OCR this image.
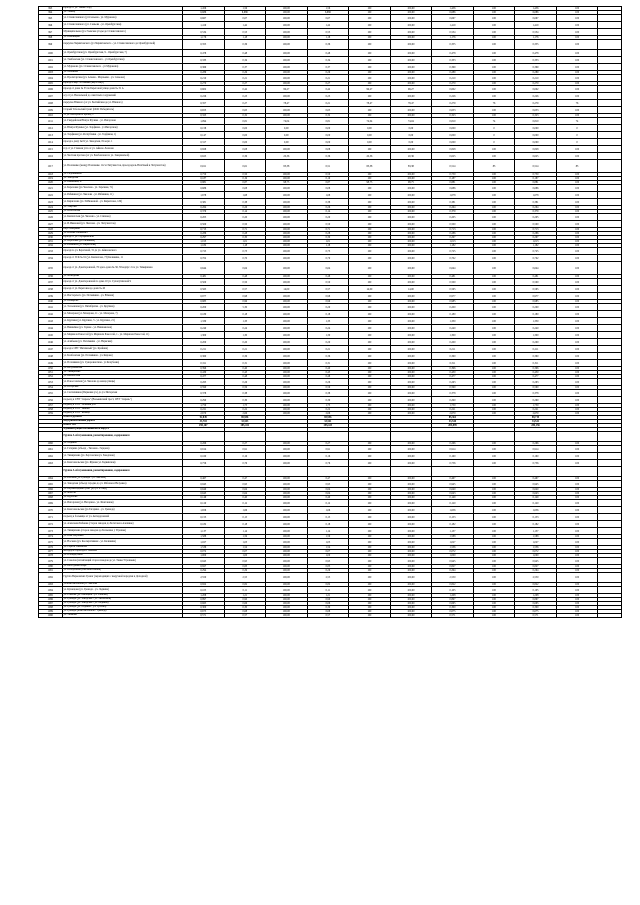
993	проезд от ул. Тинки Уорд	1,456	1,56	100,00	1,56	100	100,00	1,456	100	1,456	100	
994	ул. Таннер	6,686	6,686	100,00	6,686	100	100,00	6,686	100	6,686	100	
995	ул. Станиславского (ул.Сеньова - ул. Муранова)	0,667	0,67	100,00	0,67	100	100,00	0,667	100	0,667	100	
996	ул. Станиславского (ул. Сеньова - ул. Оренбургская)	1,419	1,42	100,00	1,42	100	100,00	1,419	100	1,419	100	
997	Муниципальная (ул. Гаевская угоды до Станиславского)	0,534	0,53	100,00	0,53	100	100,00	0,534	100	0,534	100	
998	ул. Павлищева	1,176	1,18	100,00	1,18	100	100,00	1,176	100	1,176	100	
999	переулок Черниговского (ул Черниговского - ул. Станиславского до Оренбургской)	0,355	0,36	100,00	0,36	100	100,00	0,355	100	0,355	100	
1000	ул. Оренбургская (ул. Оренбургская, 9 - Оренбургская, 7)	0,478	0,48	100,00	0,48	100	100,00	0,478	100	0,478	100	
1001	ул. Тамбовская (ул. Станиславского - ул Оренбургская)	0,333	0,34	100,00	0,34	100	100,00	0,333	100	0,333	100	
1002	ул. Муранова (ул. Станиславского - ул Муранова)	0,369	0,37	100,00	0,37	100	100,00	0,369	100	0,369	100	
1003	ул. Литейная	0,289	0,29	100,00	0,29	100	100,00	0,289	100	0,289	100	
1004	ул. Пролетарская (ул. Алеева - Марзыева - ул. Сеньова)	0,210	0,21	100,00	0,21	100	100,00	0,210	100	0,210	100	
1005	проезд к мкр. Угольный (мкр к мкр.)	0,270	0,27	100,00	0,27	100	100,00	0,270	100	0,270	100	
1006	проезд от дома № 33 по Береговой улице дома № 31 А	0,602	0,42	99,27	0,42	99,27	99,27	0,602	100	0,602	100	
1007	а/д от ул. Вокзальной до очистных сооружений	0,226	0,23	100,00	0,23	100	100,00	0,226	100	0,226	100	
1008	переулок Южного (от ул. Балтийская до ул. Южного)	0,357	0,27	78,47	0,21	78,47	78,47	0,279	76	0,279	76	
1009	Старый Тобольский тракт (ООО Победитель)	0,653	0,65	100,00	0,65	100	100,00	0,653	100	0,653	100	
1010	11 ул. Ингорского проезд 3	0,323	0,32	100,00	0,32	100	100,00	0,323	100	0,323	100	
1011	ул. Гвардейская Юнгра Фучика - ул. Ингорская	1,094	0,81	74,04	0,81	74,04	74,04	0,810	74	0,810	74	
1012	ул. Юнгра Фучика (ул. Торфяная - ул Ингорская)	0,158	0,00	0,00	0,00	0,00	0,00	0,000	0	0,000	0	
1013	ул. Торфяная (ул. Республики - ул. Торфяная, 1)	0,147	0,00	0,00	0,00	0,00	0,00	0,000	0	0,000	0	
1014	проезд к дому №19 ул. Заводская, 81 корп. 1	0,317	0,00	0,00	0,00	0,00	0,00	0,000	0	0,000	0	
1015	п/д от ул. Главная угла от ул. Айвазо Леонова	0,828	0,08	100,00	0,08	100	100,00	0,828	100	0,828	100	
1016	ул. Частная протока (от ул. Бонбонская по ул. Закаринской)	0,625	0,36	20,36	0,36	20,36	20,36	0,625	100	0,625	100	
1017	ул. Палаченко (между Палаченко 112 и Энтузиастов, проезд вдоль Взлётный и Энтузиастов)	0,611	0,61	83,38	0,51	83,38	83,38	0,514	83	0,514	83	
1018	ул. Садовникова	0,750	0,50	100,00	0,50	100	100,00	0,750	100	0,750	100	
1019	ул. Заводская	0,187	0,19	100,00	0,19	100	100,00	0,187	100	0,187	100	
1020	ул. Вишневая, 67	0,881	0,87	98,75	0,87	98,75	98,75	0,881	100	0,881	100	
1021	ул. Березовая (ул. Чкалова - ул. Заречная, 71)	0,686	0,08	100,00	0,08	100	100,00	0,686	100	0,686	100	
1022	ул. Рябинина (ул. Чкалова - ул. Рябинина, 11)	1,678	1,68	100,00	1,68	100	100,00	1,678	100	1,678	100	
1023	ул. Кириллова (ул. И.Ивановой - ул. Кириллова, 129)	0,381	0,38	100,00	0,38	100	100,00	0,381	100	0,381	100	
1024	ул. Энергии	0,264	0,26	100,00	0,26	100	100,00	0,264	100	0,264	100	
1025	ул. Бонбонская	0,379	0,14	100,00	0,14	100	100,00	0,379	100	0,379	100	
1026	ул. Камчатская (ул. Чкалова - ул. Спичака)	0,205	0,20	100,00	0,20	100	100,00	0,205	100	0,205	100	
1027	ул. И.Ивановой (ул. Чкалова - ул. Энтузиастов)	0,500	0,50	100,00	0,50	100	100,00	0,500	100	0,500	100	
1028	пер. Северный	0,713	0,71	100,00	0,71	100	100,00	0,713	100	0,713	100	
1029	ул. Ксения Тышкевич	0,286	0,28	100,00	0,28	100	100,00	0,286	100	0,286	100	
1030	проезд от ул. Серафимовой	0,297	0,30	100,00	0,30	100	100,00	0,297	100	0,297	100	
1031	ул. Березовая (ул. Рябинина)	1,013	1,01	100,00	1,01	100	100,00	1,013	100	1,013	100	
1032	ул. Рябинина (ул. Кириллова)	1,182	1,18	100,00	1,18	100	100,00	1,182	100	1,182	100	
1033	проезд по ул. Береговой, 31 до ул. Айвазовского	0,725	0,73	100,00	0,73	100	100,00	0,725	100	0,725	100	
1034	проезд от ГСК № 91 (ул. Камчатова, 73) Калинина, 11	0,702	0,70	100,00	0,70	100	100,00	0,702	100	0,702	100	
1035	проезд от ул. Доваторовской, 76 здесь дома № 36, 38 корпус 2 по ул. Тимирязева	0,644	0,64	100,00	0,64	100	100,00	0,644	100	0,644	100	
1036	ул. Ахмадеева	0,481	0,48	100,00	0,48	100	100,00	0,481	100	0,481	100	
1037	проезд от ул. Доваторовской по дома 10 ул. Сухопутинской 9	0,500	0,50	100,00	0,50	100	100,00	0,500	100	0,500	100	
1038	проезд от ул. Береговая до дома № 40	0,565	0,57	14,00	0,57	14,00	14,00	0,565	100	0,565	100	
1039	ул. Инсторского (ул. Потемкина - ул. Южная)	0,977	0,98	100,00	0,98	100	100,00	0,977	100	0,977	100	
1040	ул. Немирова	0,985	0,99	100,00	0,99	100	100,00	0,985	100	0,985	100	
1041	ул. Толоевская (ул. Пятибратки - ул. Крупина)	0,200	5,30	100,00	0,20	100	100,00	0,200	100	0,200	100	
1042	ул. Мазарова (ул. Мазарова, 11 - ул. Мазарова, 7)	0,180	0,18	100,00	0,18	100	100,00	0,180	100	0,180	100	
1043	ул. Крупина (ул. Крупина, 3 - ул. Крупина, 21)	1,330	1,33	100,00	1,33	100	100,00	1,330	100	1,330	100	
1044	ул. Вишнёвая (ул. Горная - ул. Вишневская)	0,240	0,24	100,00	0,24	100	100,00	0,240	100	0,240	100	
1045	ул. Маршала Рокоссой (ул. Маршала Рокоссой, 1 - ул. Маршала Рокоссой, 11)	1,300	1,30	100,00	1,30	100	100,00	1,300	100	1,300	100	
1046	ул. Алябьева (ул. Потемкина - ул. Нарвская)	0,200	0,20	100,00	0,20	100	100,00	0,200	100	0,200	100	
1047	проезд к СНТ 'Интимный' (ул. Крайняя)	0,211	0,21	100,00	0,21	100	100,00	0,211	100	0,211	100	
1048	ул. Бонбонская (ул. Потемкина - ул. Кирова)	0,360	0,36	100,00	0,36	100	100,00	0,360	100	0,360	100	
1049	ул. Потемкина (ул. Суворовнотная - ул Кочубеева)	0,311	0,31	100,00	0,31	100	100,00	0,311	100	0,311	100	
1050	ул. Кочубеевская	0,396	0,40	100,00	0,40	100	100,00	0,396	100	0,396	100	
1051	ул. Тимирязева	0,430	0,43	100,00	0,43	100	100,00	0,430	100	0,430	100	
1052	ул. Камчатская	0,477	0,48	100,00	0,48	100	100,00	0,477	100	0,477	100	
1053	ул. Рокоссовская (ул. Чкалова до конца улицы)	0,263	0,26	100,00	0,26	100	100,00	0,263	100	0,263	100	
1054	ул. Югорская	0,590	0,59	100,00	0,59	100	100,00	0,590	100	0,590	100	
1055	ул. Сантехников (Парковая ул.) до ул. Ингорская	0,378	0,38	100,00	0,38	100	100,00	0,378	100	0,378	100	
1056	подъезд к СНТ "Сирень" (Ванькинский трест, СНТ "Сирень")	0,290	0,30	100,00	0,30	100	100,00	0,290	100	0,290	100	
1057	подъезд к СНТ "Зелёный дол"	1,750	1,75	100,00	1,75	100	100,00	1,750	100	1,750	100	
1058	подъезд к СНТ "Вишня"	0,221	0,22	100,00	0,22	100	100,00	0,221	100	0,221	100	
1059	подъезд к СНТ "Белица"	2,670	2,66	100,00	2,66	100	100,00	2,670	100	2,670	100	
	Итого Группа Б	92,849	85,956		85,956			85,362		89,719		
	Внутрипоселковые дороги	33,703	33,543		33,541			33,540		33,541		
	Итого: 503	290,167	285,432		285,423			283,899		284,156		
	Администрация Калининского округа											
	Группа А обслуживания, ремонтирование, содержанием											
1060	ул. Ладвина	0,266	0,27	100,00	0,27	100	100,00	0,266	100	0,266	100	
1061	ул. Гагарина (объезд - Тизоина - Герцена)	0,914	0,91	100,00	0,91	100	100,00	0,914	100	0,914	100	
1062	ул. Тимирязева (ул. Херсонская ул. Заводская)	0,160	0,16	100,00	0,16	100	100,00	0,160	100	0,160	100	
1063	ул. Комсомольская (ул. Жукова ул Ладвинская)	0,756	0,76	100,00	0,76	100	100,00	0,756	100	0,756	100	
	Группа А обслуживания, ремонтирование, содержанием											
1064	ул. Рябовая (ул. Гренада - ул. Чкалова)	0,467	0,47	100,00	0,47	100	100,00	0,467	100	0,467	100	
1065	ул. Заводская (объезд городка до ул. Рябовая и Валуевка)	0,945	0,95	100,00	0,95	100	100,00	0,945	100	0,945	100	
1066	ул. Верхнепадный тракт (до ул. РУЖД)	0,640	0,64	100,00	0,64	100	100,00	0,640	100	0,640	100	
1067	ул. Фонтан	0,643	0,64	100,00	0,64	100	100,00	0,643	100	0,643	100	
1068	ул. Куратова	0,149	0,40	100,00	0,40	100	100,00	0,149	100	0,149	100	
1069	ул. Ингорская (ул. Нагорная - ул. Фонтанная)	0,120	0,12	100,00	0,12	100	100,00	0,120	100	0,120	100	
1070	ул. Комсомольская (ул.Гагарина - ул. Гренада)	1,656	1,66	100,00	1,66	100	100,00	1,656	100	1,656	100	
1071	подъезд к больнице от ул. Автодорожной	0,153	0,15	100,00	0,15	100	100,00	0,153	100	0,153	100	
1072	ул. Алексеева Бабиева (сторон заводов до Богатова в Алешине)	0,182	0,18	100,00	0,18	100	100,00	0,182	100	0,182	100	
1073	ул. Тимирязева (сторон заводов до Большака у Угрешка)	1,137	1,14	100,00	1,14	100	100,00	1,137	100	1,137	100	
1074	ул. Вокс Кортенко	1,588	1,59	100,00	1,59	100	100,00	1,588	100	1,588	100	
1075	ул. Носкова (ул. Кооперативная - ул. Калинина)	1,027	1,03	100,00	1,03	100	100,00	1,027	100	1,027	100	
1076	ул. Сергея Ушманова	1,536	1,54	100,00	1,54	100	100,00	1,536	100	1,536	100	
1077	автодорога проезда к Ушакова	0,072	0,07	100,00	0,07	100	100,00	0,072	100	0,072	100	
1078	ул. Площадочная	1,000	1,00	100,00	1,00	100	100,00	1,000	100	1,000	100	
1079	ул. Соколов (Ассигнаций сторон заводов до ул. Тянка Утрешкин)	0,945	0,95	100,00	0,95	100	100,00	0,945	100	0,945	100	
1080	ул. Весь Денисобарь	0,827	0,83	100,00	0,83	100	100,00	0,827	100	0,827	100	
1081	ул. Набережная (Высокая Вишня)	0,294	0,29	100,00	0,29	100	100,00	0,294	100	0,294	100	
1082	Группа Наркомских Гренаг (переходящих с выручкой передачи в Доходной)	2,550	2,55	100,00	2,55	100	100,00	2,550	100	2,550	100	
1083	ул.Комсомольская ул. Чкалова	0,822	0,82	100,00	0,82	100	100,00	0,822	100	0,822	100	
1084	ул. Кузнецова (ул. Гренада - ул. Ладвина)	0,105	0,11	100,00	0,11	100	100,00	0,105	100	0,105	100	
1085	ул. Гоньова (ул. Липецкая - ул. Гоньова)	1,208	1,21	100,00	1,21	100	100,00	1,208	100	1,208	100	
1086	ул. Гренада (ул. Заводская - ул. Тихоновой)	0,897	0,90	100,00	0,90	100	100,00	0,897	100	0,897	100	
1087	ул. Гренада (ул. Заводская - ул. Ладвина)	0,665	0,66	100,00	0,66	100	100,00	0,665	100	0,665	100	
1088	ул. Гренада (ул. Ладвина - ул. Гусьова)	0,300	0,30	100,00	0,30	100	100,00	0,300	100	0,300	100	
1089	ул. Гренада (Комсомольская - Гренада)	0,675	0,68	100,00	0,68	100	100,00	0,675	100	0,675	100	
1090	ул. Ушакова	0,571	0,57	100,00	0,57	100	100,00	0,571	100	0,571	100	
